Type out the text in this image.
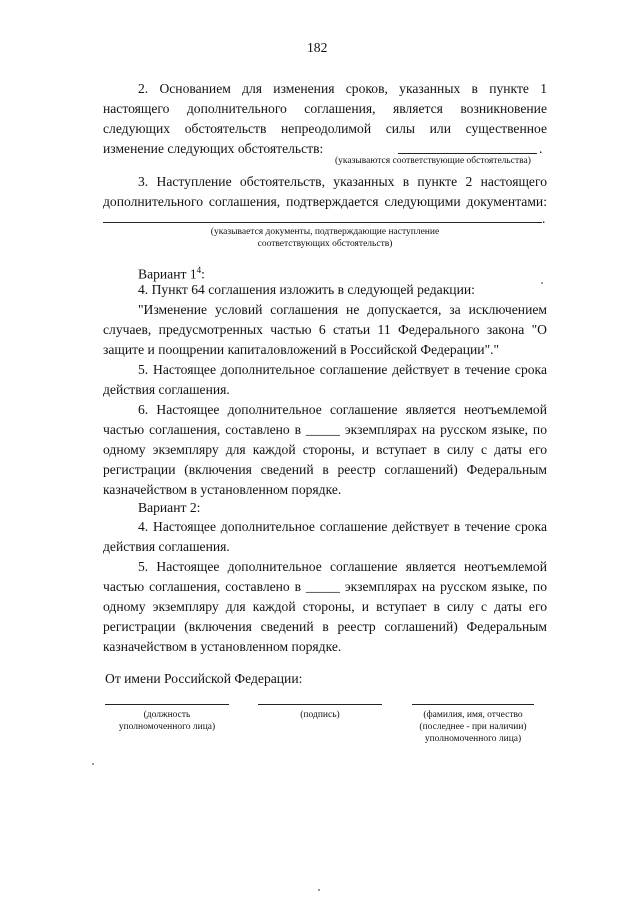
182
2. Основанием для изменения сроков, указанных в пункте 1
настоящего дополнительного соглашения, является возникновение
следующих обстоятельств непреодолимой силы или существенное
изменение следующих обстоятельств:	.
(указываются соответствующие обстоятельства)
3. Наступление обстоятельств, указанных в пункте 2 настоящего
дополнительного соглашения, подтверждается следующими документами:
.
(указывается документы, подтверждающие наступление
соответствующих обстоятельств)
Вариант $1^4$:

4. Пункт 64 соглашения изложить в следующей редакции:

"Изменение условий соглашения не допускается, за исключением случаев, предусмотренных частью 6 статьи 11 Федерального закона "О защите и поощрении капиталовложений в Российской Федерации"."

5. Настоящее дополнительное соглашение действует в течение срока действия соглашения.

6. Настоящее дополнительное соглашение является неотъемлемой частью соглашения, составлено в _____ экземплярах на русском языке, по одному экземпляру для каждой стороны, и вступает в силу с даты его регистрации (включения сведений в реестр соглашений) Федеральным казначейством в установленном порядке.

Вариант 2:

4. Настоящее дополнительное соглашение действует в течение срока действия соглашения.

5. Настоящее дополнительное соглашение является неотъемлемой частью соглашения, составлено в _____ экземплярах на русском языке, по одному экземпляру для каждой стороны, и вступает в силу с даты его регистрации (включения сведений в реестр соглашений) Федеральным казначейством в установленном порядке.

От имени Российской Федерации:
(должность
уполномоченного лица)
(подпись)	(фамилия, имя, отчество
(последнее - при наличии)
уполномоченного лица)
